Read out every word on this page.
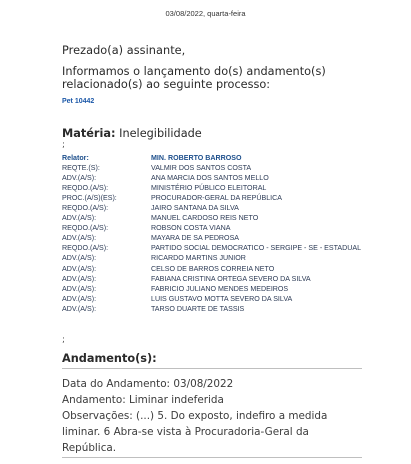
03/08/2022, quarta-feira
Prezado(a) assinante,
Informamos o lançamento do(s) andamento(s) relacionado(s) ao seguinte processo:
Pet 10442
Matéria: Inelegibilidade
;
Relator:	MIN. ROBERTO BARROSO
REQTE.(S):	VALMIR DOS SANTOS COSTA
ADV.(A/S):	ANA MARCIA DOS SANTOS MELLO
REQDO.(A/S):	MINISTÉRIO PÚBLICO ELEITORAL
PROC.(A/S)(ES):	PROCURADOR-GERAL DA REPÚBLICA
REQDO.(A/S):	JAIRO SANTANA DA SILVA
ADV.(A/S):	MANUEL CARDOSO REIS NETO
REQDO.(A/S):	ROBSON COSTA VIANA
ADV.(A/S):	MAYARA DE SA PEDROSA
REQDO.(A/S):	PARTIDO SOCIAL DEMOCRATICO - SERGIPE - SE - ESTADUAL
ADV.(A/S):	RICARDO MARTINS JUNIOR
ADV.(A/S):	CELSO DE BARROS CORREIA NETO
ADV.(A/S):	FABIANA CRISTINA ORTEGA SEVERO DA SILVA
ADV.(A/S):	FABRICIO JULIANO MENDES MEDEIROS
ADV.(A/S):	LUIS GUSTAVO MOTTA SEVERO DA SILVA
ADV.(A/S):	TARSO DUARTE DE TASSIS
;
Andamento(s):

Data do Andamento: 03/08/2022

Andamento: Liminar indeferida

Observações: (...) 5. Do exposto, indefiro a medida liminar. 6 Abra-se vista à Procuradoria-Geral da República.
